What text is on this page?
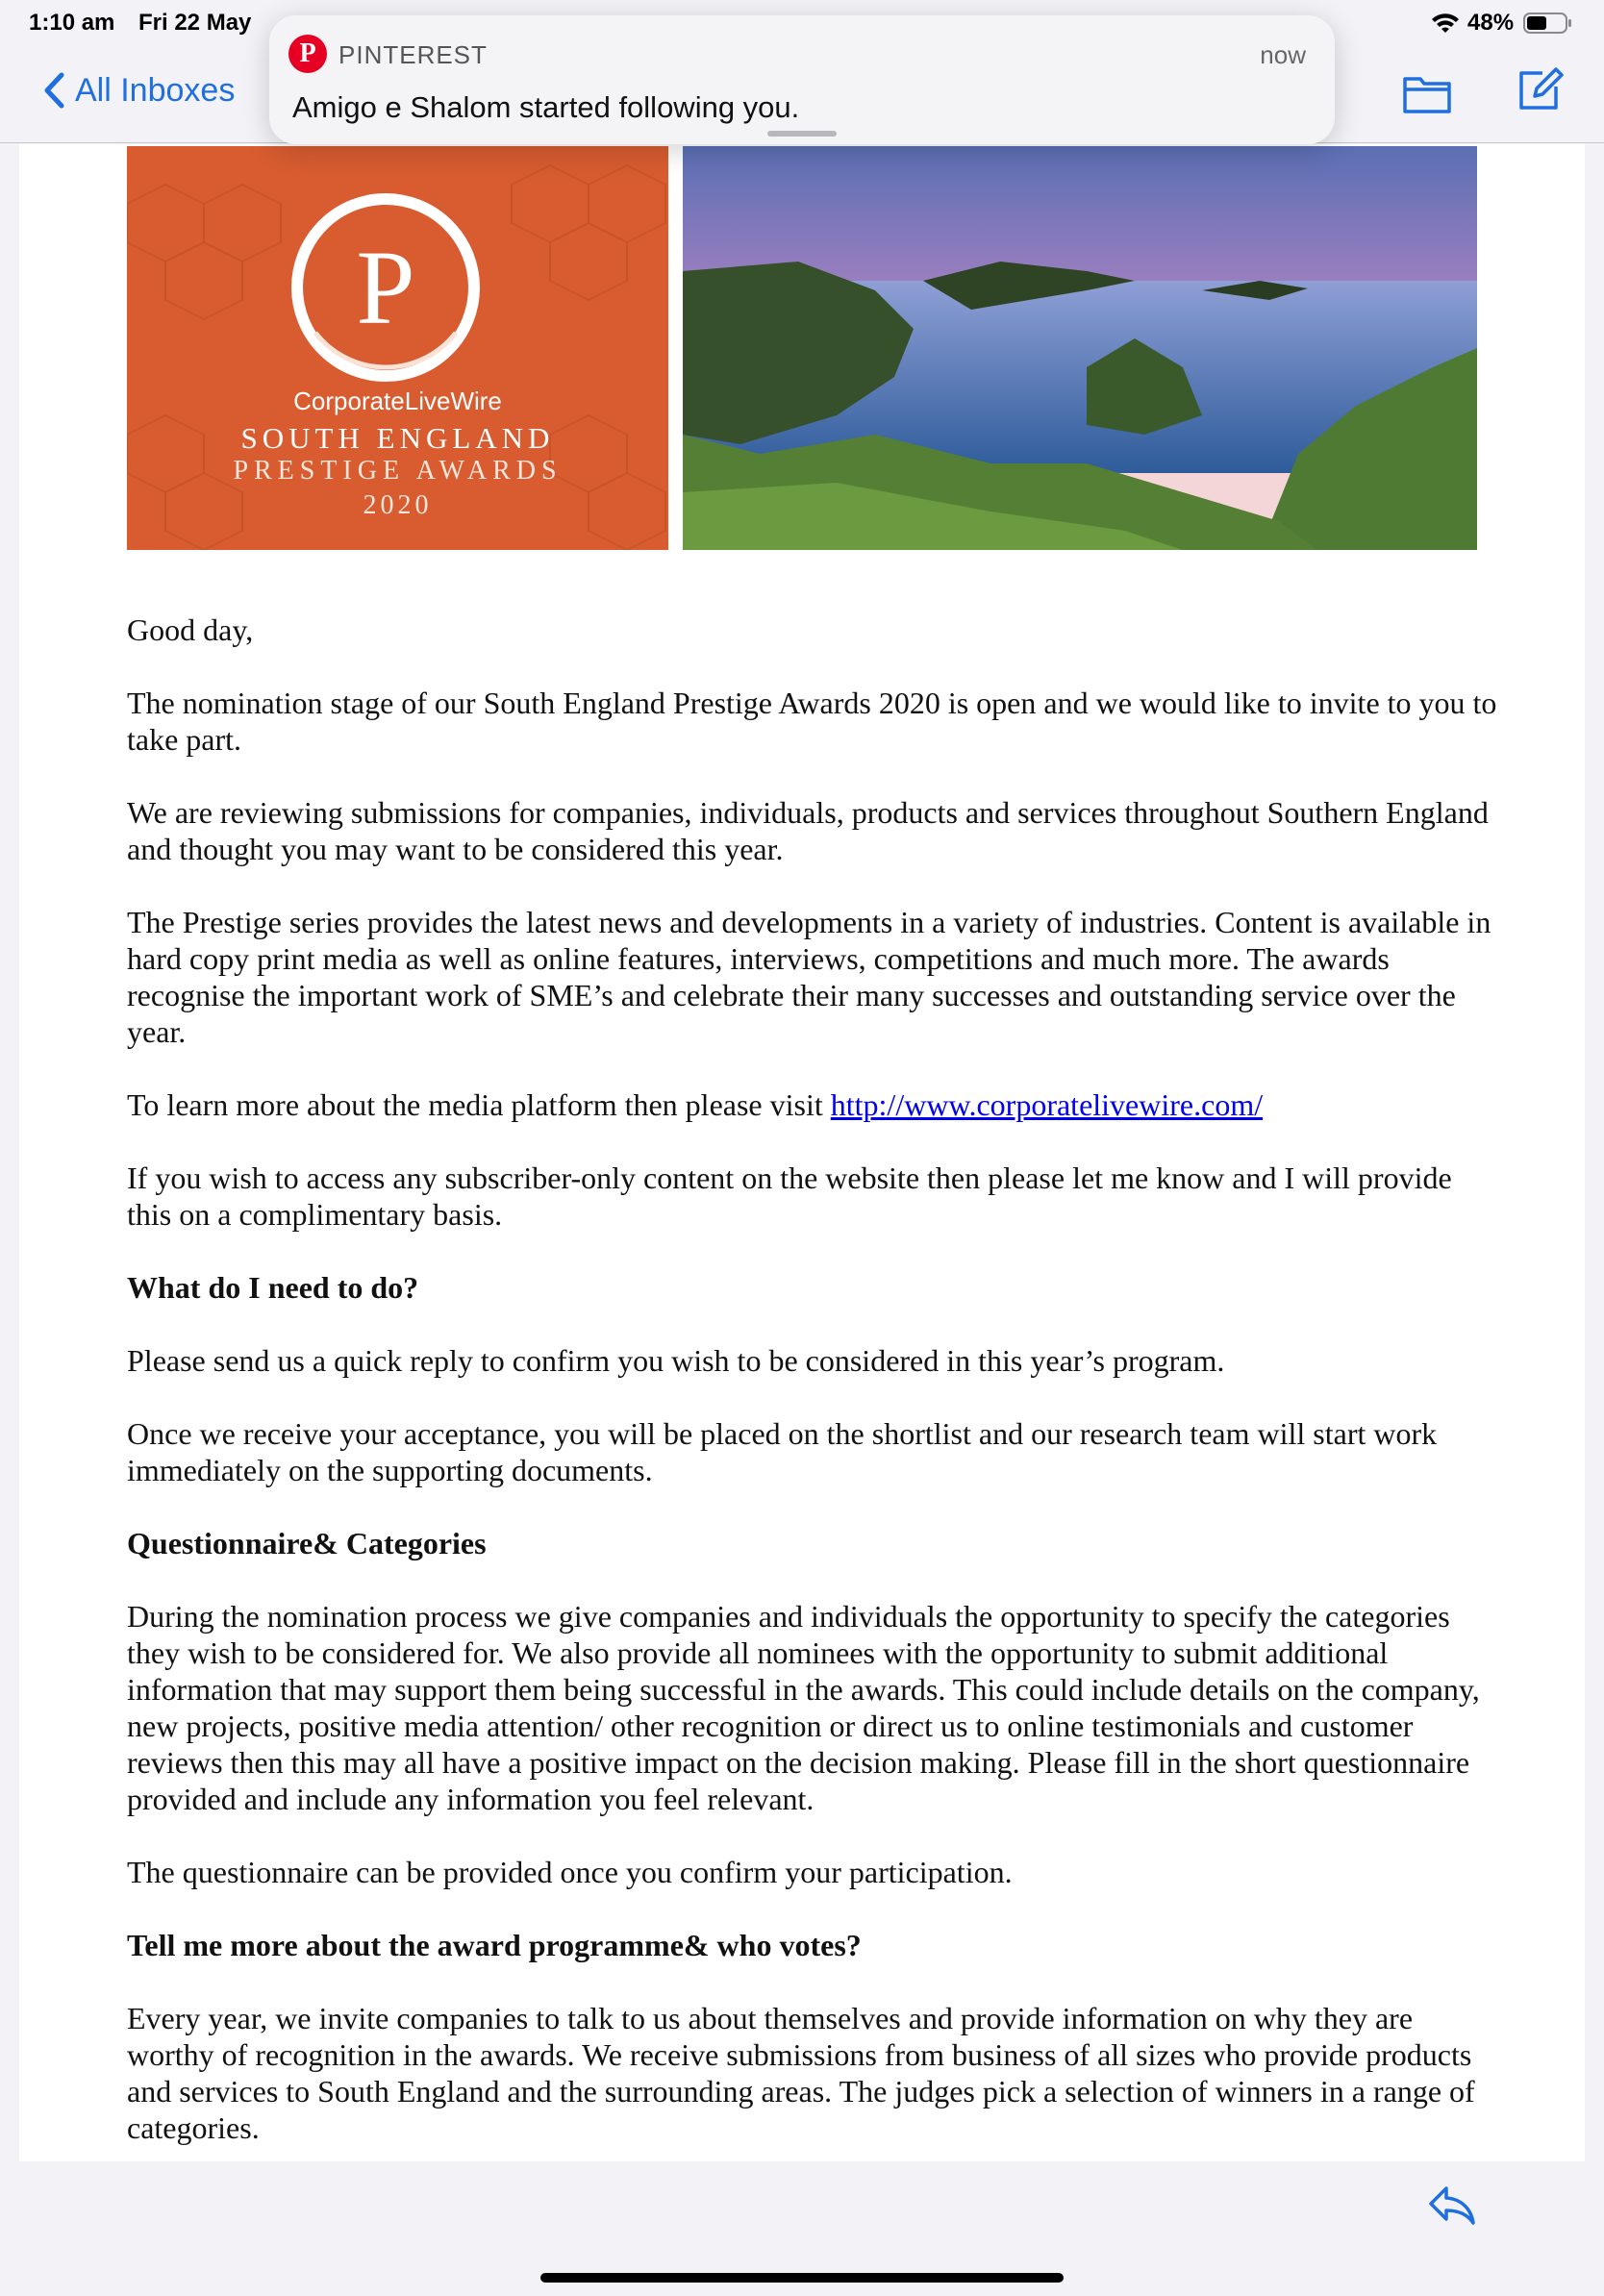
1:10 am Fri 22 May	48%
All Inboxes
P PINTEREST	now
Amigo e Shalom started following you.
P
CorporateLiveWire
SOUTH ENGLAND
PRESTIGE AWARDS
2020

Good day,

The nomination stage of our South England Prestige Awards 2020 is open and we would like to invite to you to take part.

We are reviewing submissions for companies, individuals, products and services throughout Southern England and thought you may want to be considered this year.

The Prestige series provides the latest news and developments in a variety of industries. Content is available in hard copy print media as well as online features, interviews, competitions and much more. The awards recognise the important work of SME’s and celebrate their many successes and outstanding service over the year.

To learn more about the media platform then please visit http://www.corporatelivewire.com/

If you wish to access any subscriber-only content on the website then please let me know and I will provide this on a complimentary basis.

What do I need to do?

Please send us a quick reply to confirm you wish to be considered in this year’s program.

Once we receive your acceptance, you will be placed on the shortlist and our research team will start work immediately on the supporting documents.

Questionnaire& Categories

During the nomination process we give companies and individuals the opportunity to specify the categories they wish to be considered for. We also provide all nominees with the opportunity to submit additional information that may support them being successful in the awards. This could include details on the company, new projects, positive media attention/ other recognition or direct us to online testimonials and customer reviews then this may all have a positive impact on the decision making. Please fill in the short questionnaire provided and include any information you feel relevant.

The questionnaire can be provided once you confirm your participation.

Tell me more about the award programme& who votes?

Every year, we invite companies to talk to us about themselves and provide information on why they are worthy of recognition in the awards. We receive submissions from business of all sizes who provide products and services to South England and the surrounding areas. The judges pick a selection of winners in a range of categories.
